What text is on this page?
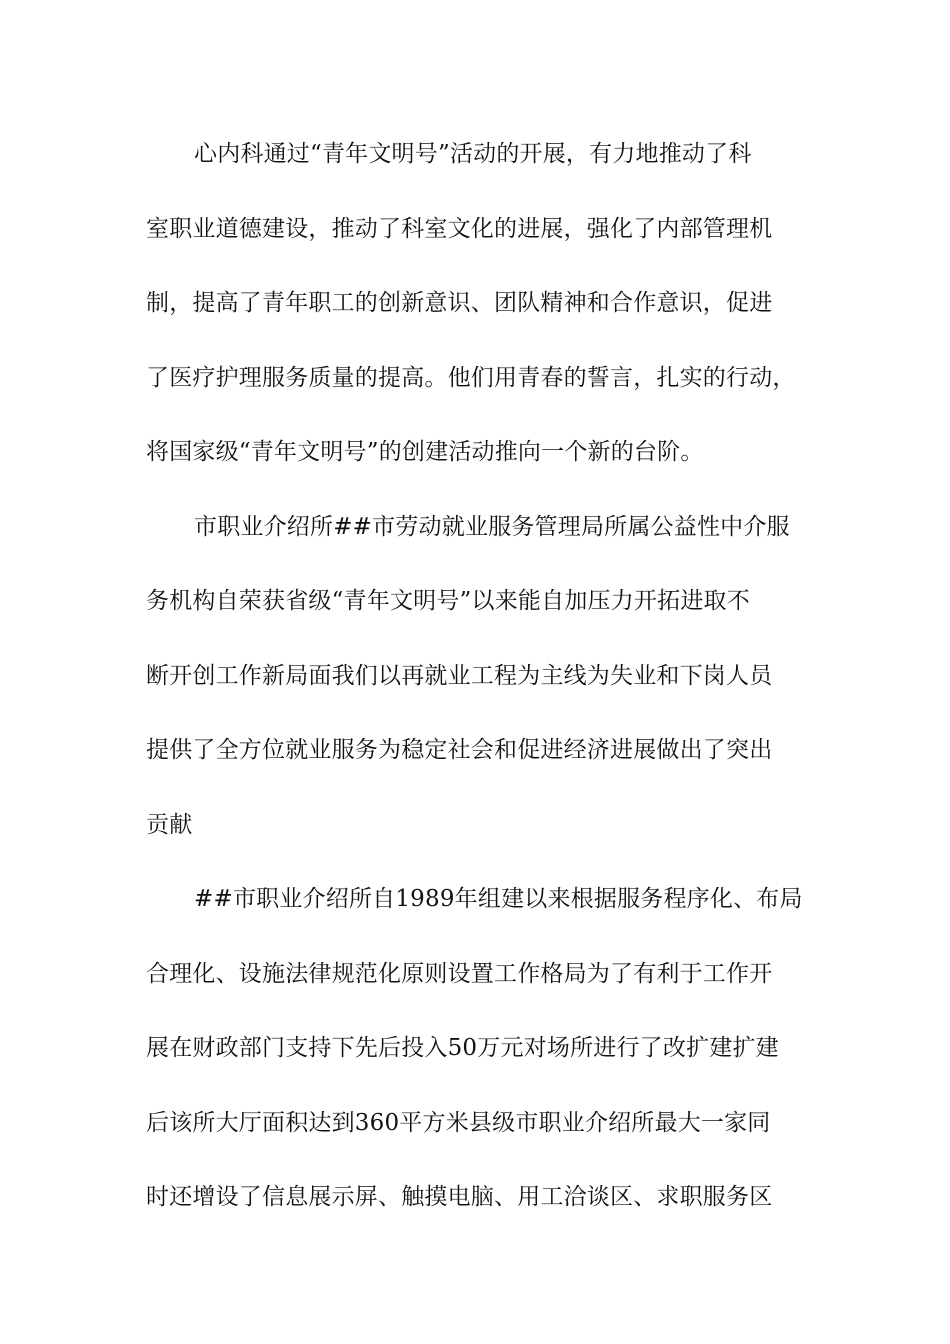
心内科通过“青年文明号”活动的开展，有力地推动了科
室职业道德建设，推动了科室文化的进展，强化了内部管理机
制，提高了青年职工的创新意识、团队精神和合作意识，促进
了医疗护理服务质量的提高。他们用青春的誓言，扎实的行动，
将国家级“青年文明号”的创建活动推向一个新的台阶。
市职业介绍所##市劳动就业服务管理局所属公益性中介服
务机构自荣获省级“青年文明号”以来能自加压力开拓进取不
断开创工作新局面我们以再就业工程为主线为失业和下岗人员
提供了全方位就业服务为稳定社会和促进经济进展做出了突出
贡献
##市职业介绍所自1989年组建以来根据服务程序化、布局
合理化、设施法律规范化原则设置工作格局为了有利于工作开
展在财政部门支持下先后投入50万元对场所进行了改扩建扩建
后该所大厅面积达到360平方米县级市职业介绍所最大一家同
时还增设了信息展示屏、触摸电脑、用工洽谈区、求职服务区
